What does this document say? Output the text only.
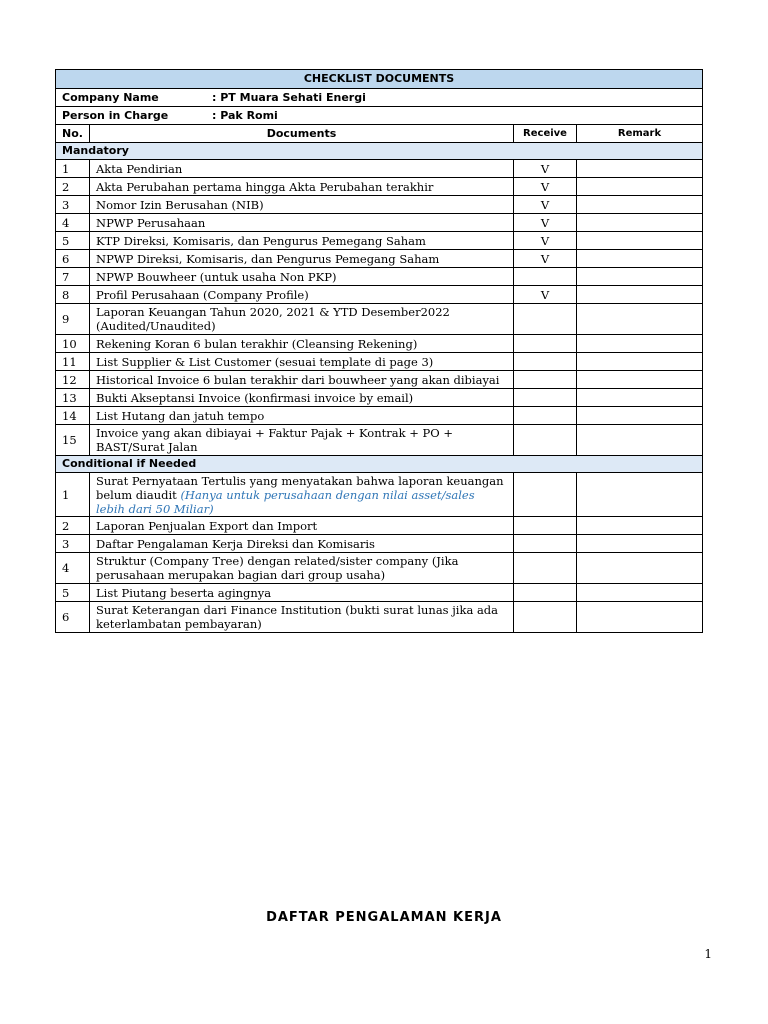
CHECKLIST DOCUMENTS			
Company Name : PT Muara Sehati Energi			
Person in Charge : Pak Romi			
No.	Documents	Receive	Remark
Mandatory			
1	Akta Pendirian	V	
2	Akta Perubahan pertama hingga Akta Perubahan terakhir	V	
3	Nomor Izin Berusahan (NIB)	V	
4	NPWP Perusahaan	V	
5	KTP Direksi, Komisaris, dan Pengurus Pemegang Saham	V	
6	NPWP Direksi, Komisaris, dan Pengurus Pemegang Saham	V	
7	NPWP Bouwheer (untuk usaha Non PKP)		
8	Profil Perusahaan (Company Profile)	V	
9	Laporan Keuangan Tahun 2020, 2021 & YTD Desember2022 (Audited/Unaudited)		
10	Rekening Koran 6 bulan terakhir (Cleansing Rekening)		
11	List Supplier & List Customer (sesuai template di page 3)		
12	Historical Invoice 6 bulan terakhir dari bouwheer yang akan dibiayai		
13	Bukti Akseptansi Invoice (konfirmasi invoice by email)		
14	List Hutang dan jatuh tempo		
15	Invoice yang akan dibiayai + Faktur Pajak + Kontrak + PO + BAST/Surat Jalan		
Conditional if Needed			
1	Surat Pernyataan Tertulis yang menyatakan bahwa laporan keuangan belum diaudit (Hanya untuk perusahaan dengan nilai asset/sales lebih dari 50 Miliar)		
2	Laporan Penjualan Export dan Import		
3	Daftar Pengalaman Kerja Direksi dan Komisaris		
4	Struktur (Company Tree) dengan related/sister company (Jika perusahaan merupakan bagian dari group usaha)		
5	List Piutang beserta agingnya		
6	Surat Keterangan dari Finance Institution (bukti surat lunas jika ada keterlambatan pembayaran)		
DAFTAR PENGALAMAN KERJA
1
